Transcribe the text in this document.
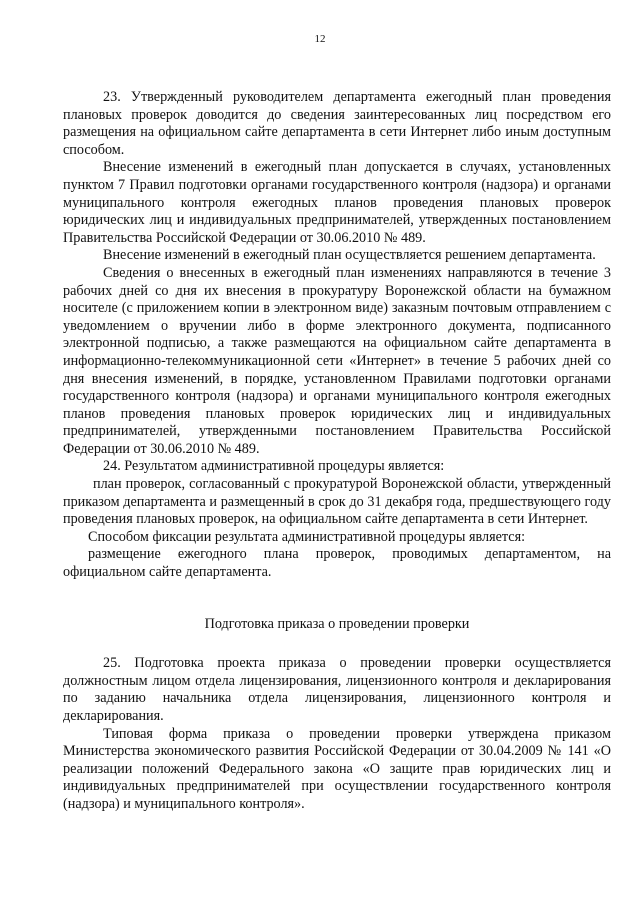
12

23. Утвержденный руководителем департамента ежегодный план проведения плановых проверок доводится до сведения заинтересованных лиц посредством его размещения на официальном сайте департамента в сети Интернет либо иным доступным способом.

Внесение изменений в ежегодный план допускается в случаях, установленных пунктом 7 Правил подготовки органами государственного контроля (надзора) и органами муниципального контроля ежегодных планов проведения плановых проверок юридических лиц и индивидуальных предпринимателей, утвержденных постановлением Правительства Российской Федерации от 30.06.2010 № 489.

Внесение изменений в ежегодный план осуществляется решением департамента.

Сведения о внесенных в ежегодный план изменениях направляются в течение 3 рабочих дней со дня их внесения в прокуратуру Воронежской области на бумажном носителе (с приложением копии в электронном виде) заказным почтовым отправлением с уведомлением о вручении либо в форме электронного документа, подписанного электронной подписью, а также размещаются на официальном сайте департамента в информационно-телекоммуникационной сети «Интернет» в течение 5 рабочих дней со дня внесения изменений, в порядке, установленном Правилами подготовки органами государственного контроля (надзора) и органами муниципального контроля ежегодных планов проведения плановых проверок юридических лиц и индивидуальных предпринимателей, утвержденными постановлением Правительства Российской Федерации от 30.06.2010 № 489.

24. Результатом административной процедуры является:

план проверок, согласованный с прокуратурой Воронежской области, утвержденный приказом департамента и размещенный в срок до 31 декабря года, предшествующего году проведения плановых проверок, на официальном сайте департамента в сети Интернет.

Способом фиксации результата административной процедуры является:

размещение ежегодного плана проверок, проводимых департаментом, на официальном сайте департамента.

Подготовка приказа о проведении проверки

25. Подготовка проекта приказа о проведении проверки осуществляется должностным лицом отдела лицензирования, лицензионного контроля и декларирования по заданию начальника отдела лицензирования, лицензионного контроля и декларирования.

Типовая форма приказа о проведении проверки утверждена приказом Министерства экономического развития Российской Федерации от 30.04.2009 № 141 «О реализации положений Федерального закона «О защите прав юридических лиц и индивидуальных предпринимателей при осуществлении государственного контроля (надзора) и муниципального контроля».
